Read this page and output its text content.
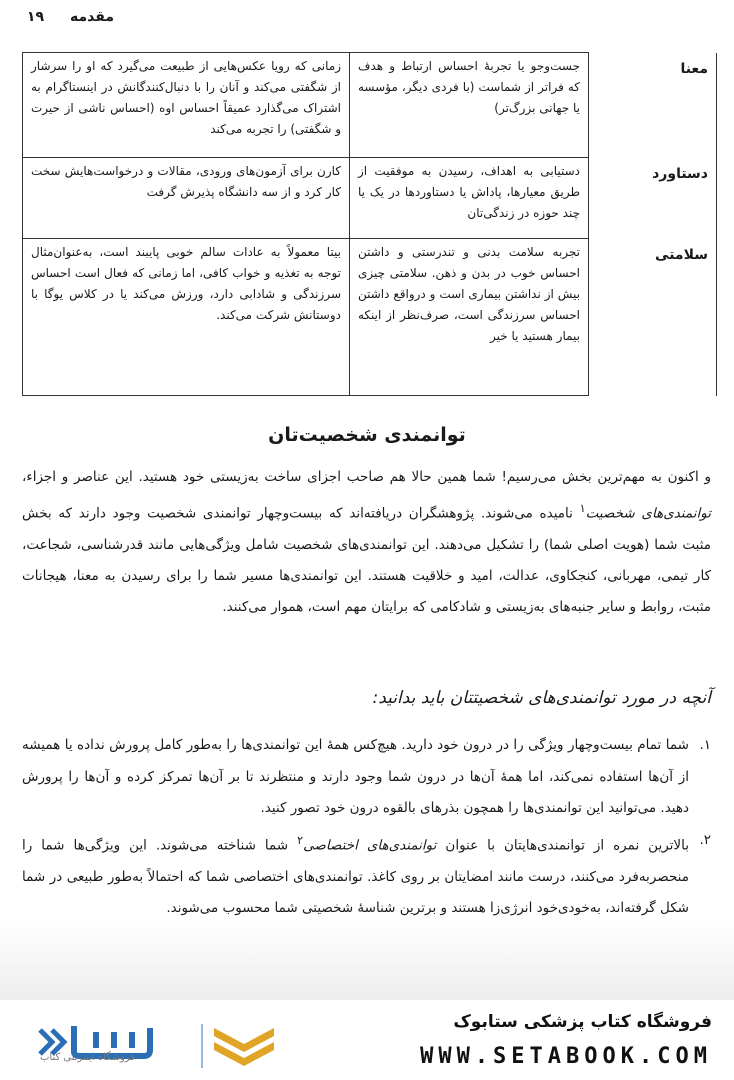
مقدمه
۱۹
معنا	جست‌وجو یا تجربهٔ احساس ارتباط و هدف که فراتر از شماست (با فردی دیگر، مؤسسه یا جهانی بزرگ‌تر)	زمانی که رویا عکس‌هایی از طبیعت می‌گیرد که او را سرشار از شگفتی می‌کند و آنان را با دنبال‌کنندگانش در اینستاگرام به اشتراک می‌گذارد عمیقاً احساس اوه (احساس ناشی از حیرت و شگفتی) را تجربه می‌کند
دستاورد	دستیابی به اهداف، رسیدن به موفقیت از طریق معیارها، پاداش یا دستاوردها در یک یا چند حوزه در زندگی‌تان	کارن برای آزمون‌های ورودی، مقالات و درخواست‌هایش سخت کار کرد و از سه دانشگاه پذیرش گرفت
سلامتی	تجربه سلامت بدنی و تندرستی و داشتن احساس خوب در بدن و ذهن. سلامتی چیزی بیش از نداشتن بیماری است و درواقع داشتن احساس سرزندگی است، صرف‌نظر از اینکه بیمار هستید یا خیر	بیتا معمولاً به عادات سالم خوبی پایبند است، به‌عنوان‌مثال توجه به تغذیه و خواب کافی، اما زمانی که فعال است احساس سرزندگی و شادابی دارد، ورزش می‌کند یا در کلاس یوگا با دوستانش شرکت می‌کند.
توانمندی شخصیت‌تان
و اکنون به مهم‌ترین بخش می‌رسیم! شما همین حالا هم صاحب اجزای ساخت به‌زیستی خود هستید. این عناصر و اجزاء، توانمندی‌های شخصیت$^۱$ نامیده می‌شوند. پژوهشگران دریافته‌اند که بیست‌وچهار توانمندی شخصیت وجود دارند که بخش مثبت شما (هویت اصلی شما) را تشکیل می‌دهند. این توانمندی‌های شخصیت شامل ویژگی‌هایی مانند قدرشناسی، شجاعت، کار تیمی، مهربانی، کنجکاوی، عدالت، امید و خلاقیت هستند. این توانمندی‌ها مسیر شما را برای رسیدن به معنا، هیجانات مثبت، روابط و سایر جنبه‌های به‌زیستی و شادکامی که برایتان مهم است، هموار می‌کنند.
آنچه در مورد توانمندی‌های شخصیتتان باید بدانید:
۱.
شما تمام بیست‌وچهار ویژگی را در درون خود دارید. هیچ‌کس همهٔ این توانمندی‌ها را به‌طور کامل پرورش نداده یا همیشه از آن‌ها استفاده نمی‌کند، اما همهٔ آن‌ها در درون شما وجود دارند و منتظرند تا بر آن‌ها تمرکز کرده و آن‌ها را پرورش دهید. می‌توانید این توانمندی‌ها را همچون بذرهای بالقوه درون خود تصور کنید.
۲.
بالاترین نمره از توانمندی‌هایتان با عنوان توانمندی‌های اختصاصی$^۲$ شما شناخته می‌شوند. این ویژگی‌ها شما را منحصربه‌فرد می‌کنند، درست مانند امضایتان بر روی کاغذ. توانمندی‌های اختصاصی شما که احتمالاً به‌طور طبیعی در شما شکل گرفته‌اند، به‌خودی‌خود انرژی‌زا هستند و برترین شناسهٔ شخصیتی شما محسوب می‌شوند.
فروشگاه کتاب پزشکی ستابوک
WWW.SETABOOK.COM
فروشگاه اینترنتی کتاب
